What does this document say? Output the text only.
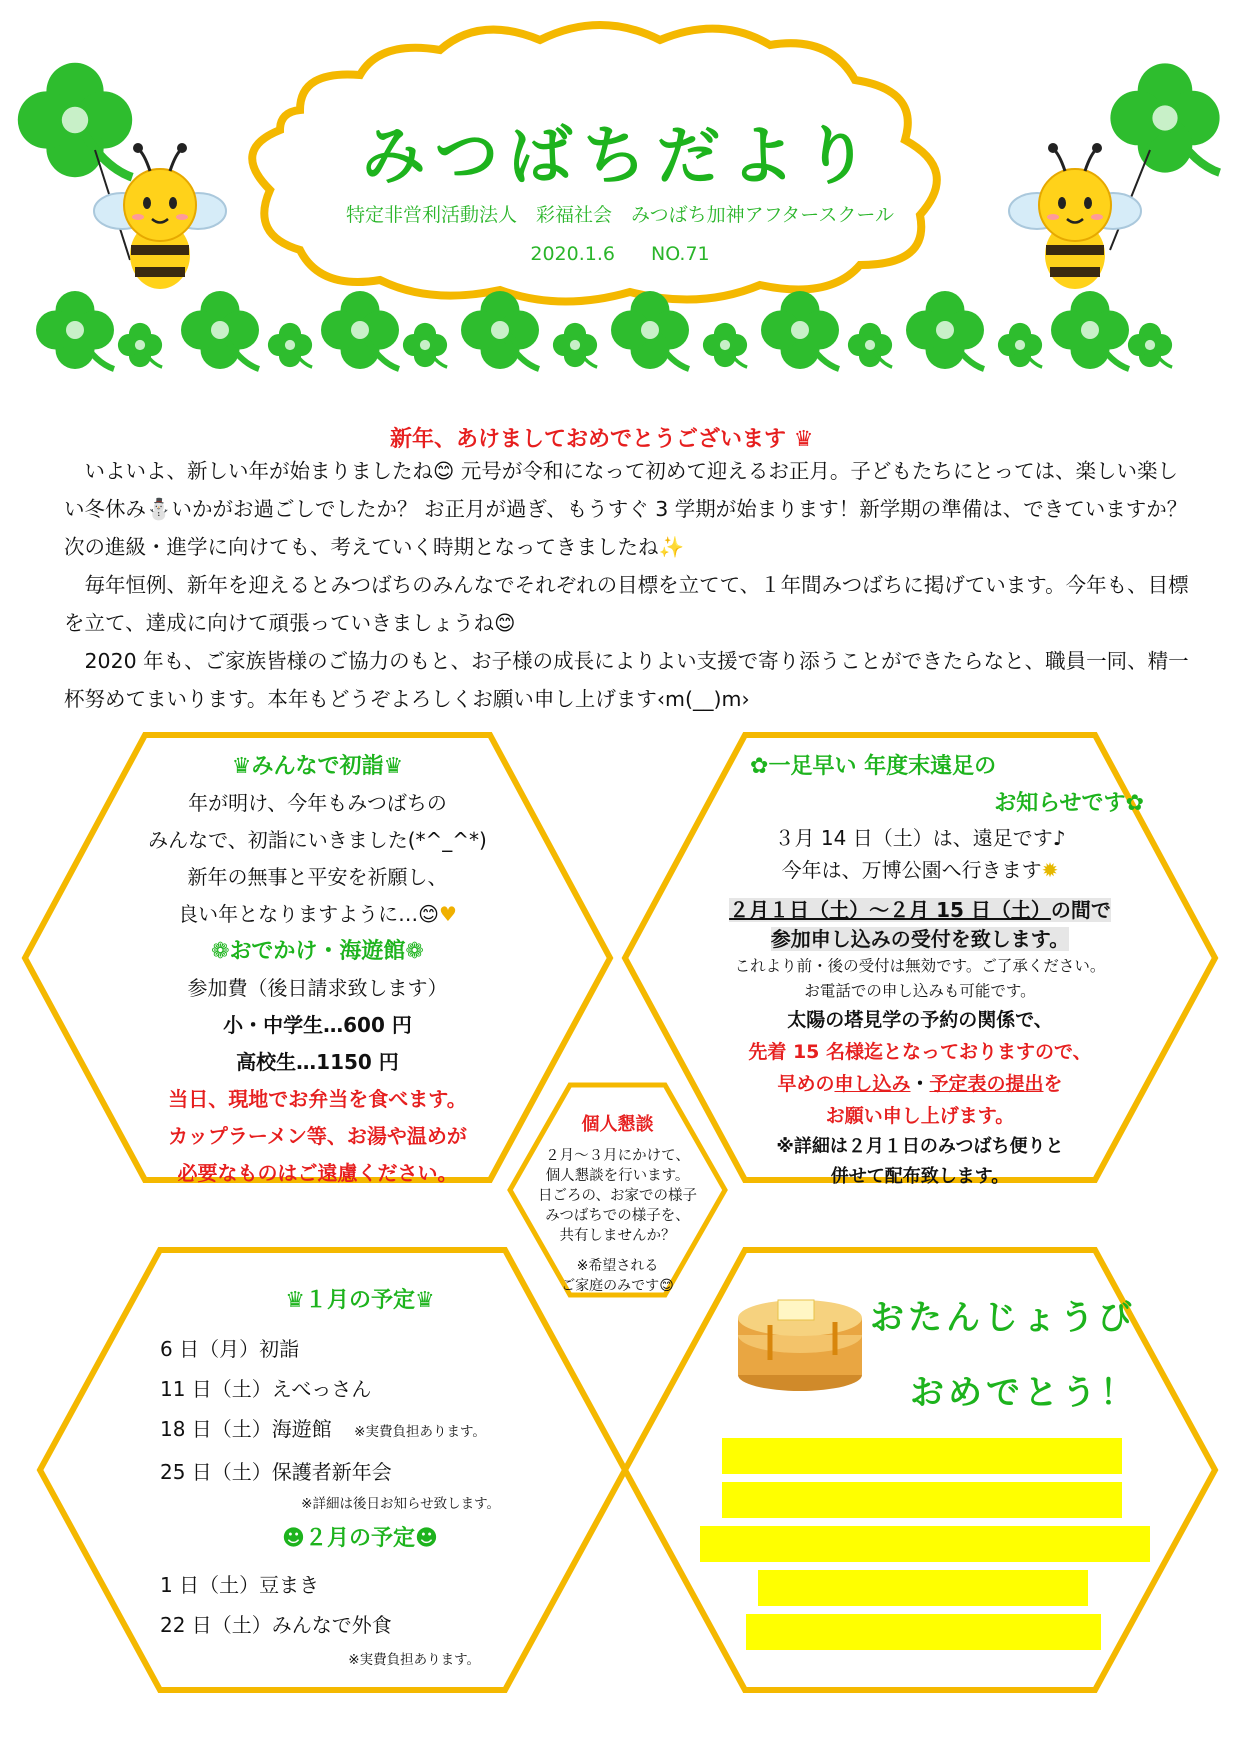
みつばちだより
特定非営利活動法人　彩福社会　みつばち加神アフタースクール
2020.1.6 NO.71
新年、あけましておめでとうございます ♛

いよいよ、新しい年が始まりましたね😊 元号が令和になって初めて迎えるお正月。子どもたちにとっては、楽しい楽しい冬休み⛄いかがお過ごしでしたか？ お正月が過ぎ、もうすぐ 3 学期が始まります！新学期の準備は、できていますか？　次の進級・進学に向けても、考えていく時期となってきましたね✨

毎年恒例、新年を迎えるとみつばちのみんなでそれぞれの目標を立てて、１年間みつばちに掲げています。今年も、目標を立て、達成に向けて頑張っていきましょうね😊

2020 年も、ご家族皆様のご協力のもと、お子様の成長によりよい支援で寄り添うことができたらなと、職員一同、精一杯努めてまいります。本年もどうぞよろしくお願い申し上げます‹m(__)m›

♛みんなで初詣♛
年が明け、今年もみつばちの
みんなで、初詣にいきました(*^_^*)
新年の無事と平安を祈願し、
良い年となりますように…😊♥
❁おでかけ・海遊館❁
参加費（後日請求致します）
小・中学生…600 円
高校生…1150 円
当日、現地でお弁当を食べます。
カップラーメン等、お湯や温めが
必要なものはご遠慮ください。
✿一足早い 年度末遠足の
お知らせです✿
３月 14 日（土）は、遠足です♪
今年は、万博公園へ行きます✹
２月１日（土）～２月 15 日（土）の間で
参加申し込みの受付を致します。
これより前・後の受付は無効です。ご了承ください。
お電話での申し込みも可能です。
太陽の塔見学の予約の関係で、
先着 15 名様迄となっておりますので、
早めの申し込み・予定表の提出を
お願い申し上げます。
※詳細は２月１日のみつばち便りと
併せて配布致します。
個人懇談
２月～３月にかけて、
個人懇談を行います。
日ごろの、お家での様子
みつばちでの様子を、
共有しませんか？
※希望される
ご家庭のみです😊
♛１月の予定♛
6 日（月）初詣
11 日（土）えべっさん
18 日（土）海遊館 ※実費負担あります。
25 日（土）保護者新年会
※詳細は後日お知らせ致します。
☻２月の予定☻
1 日（土）豆まき
22 日（土）みんなで外食
※実費負担あります。
おたんじょうび
おめでとう！
